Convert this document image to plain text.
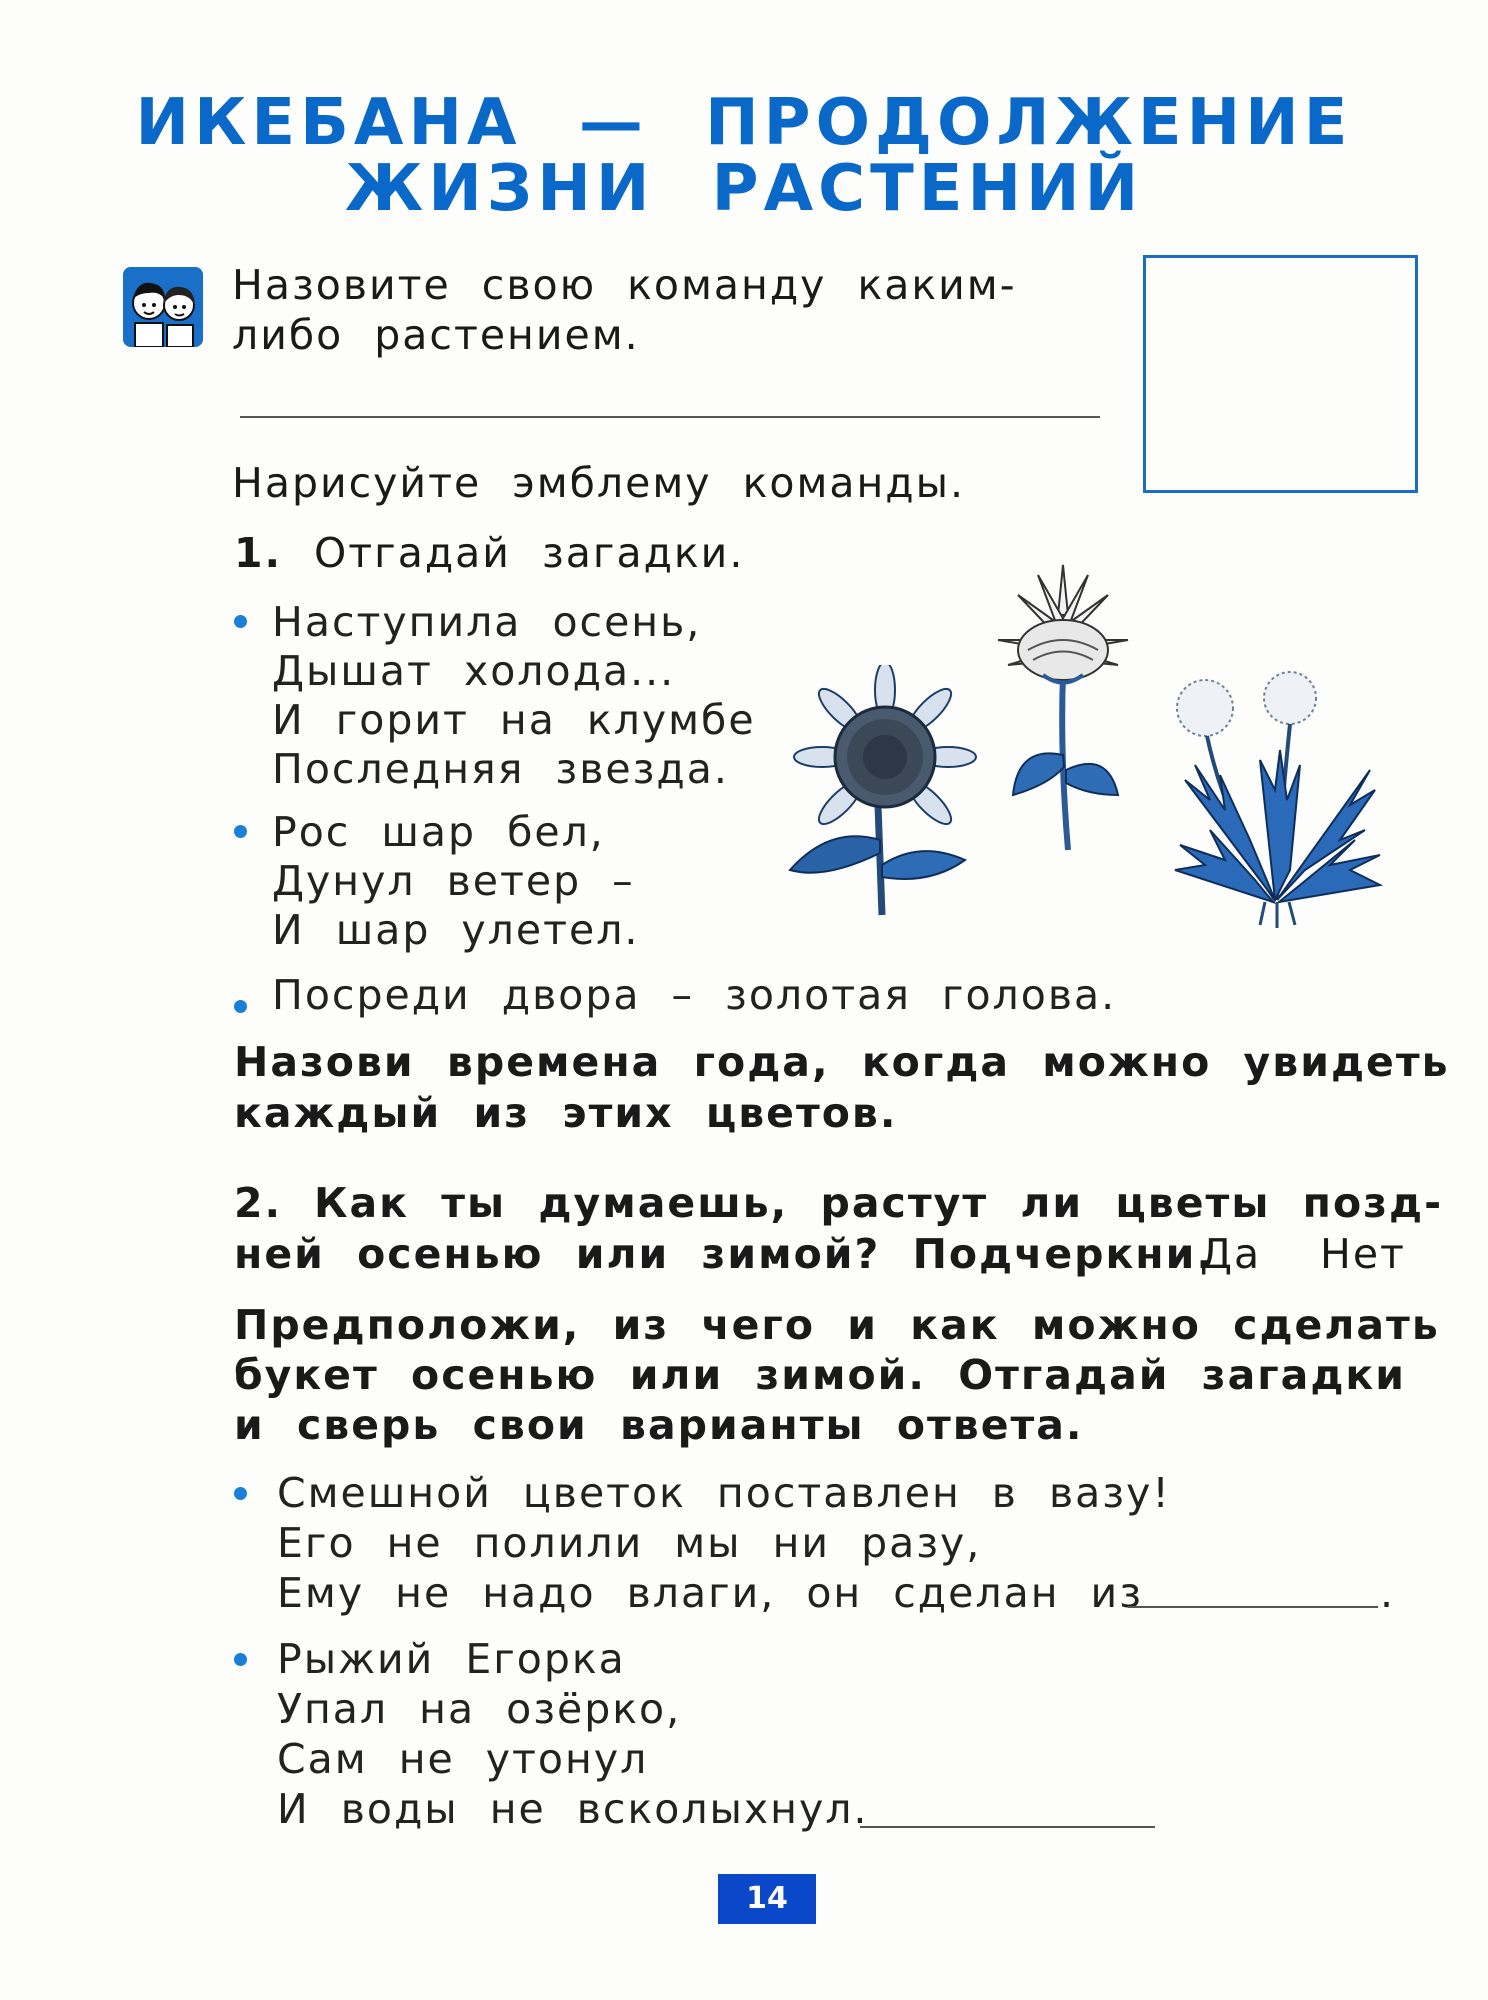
ИКЕБАНА — ПРОДОЛЖЕНИЕ
ЖИЗНИ РАСТЕНИЙ
Назовите свою команду каким-
либо растением.
Нарисуйте эмблему команды.
1. Отгадай загадки.
Наступила осень,
Дышат холода...
И горит на клумбе
Последняя звезда.
Рос шар бел,
Дунул ветер –
И шар улетел.
Посреди двора – золотая голова.
Назови времена года, когда можно увидеть
каждый из этих цветов.
2. Как ты думаешь, растут ли цветы позд-
ней осенью или зимой? Подчеркни.
Да Нет
Предположи, из чего и как можно сделать
букет осенью или зимой. Отгадай загадки
и сверь свои варианты ответа.
Смешной цветок поставлен в вазу!
Его не полили мы ни разу,
Ему не надо влаги, он сделан из	.
Рыжий Егорка
Упал на озёрко,
Сам не утонул
И воды не всколыхнул.
14
